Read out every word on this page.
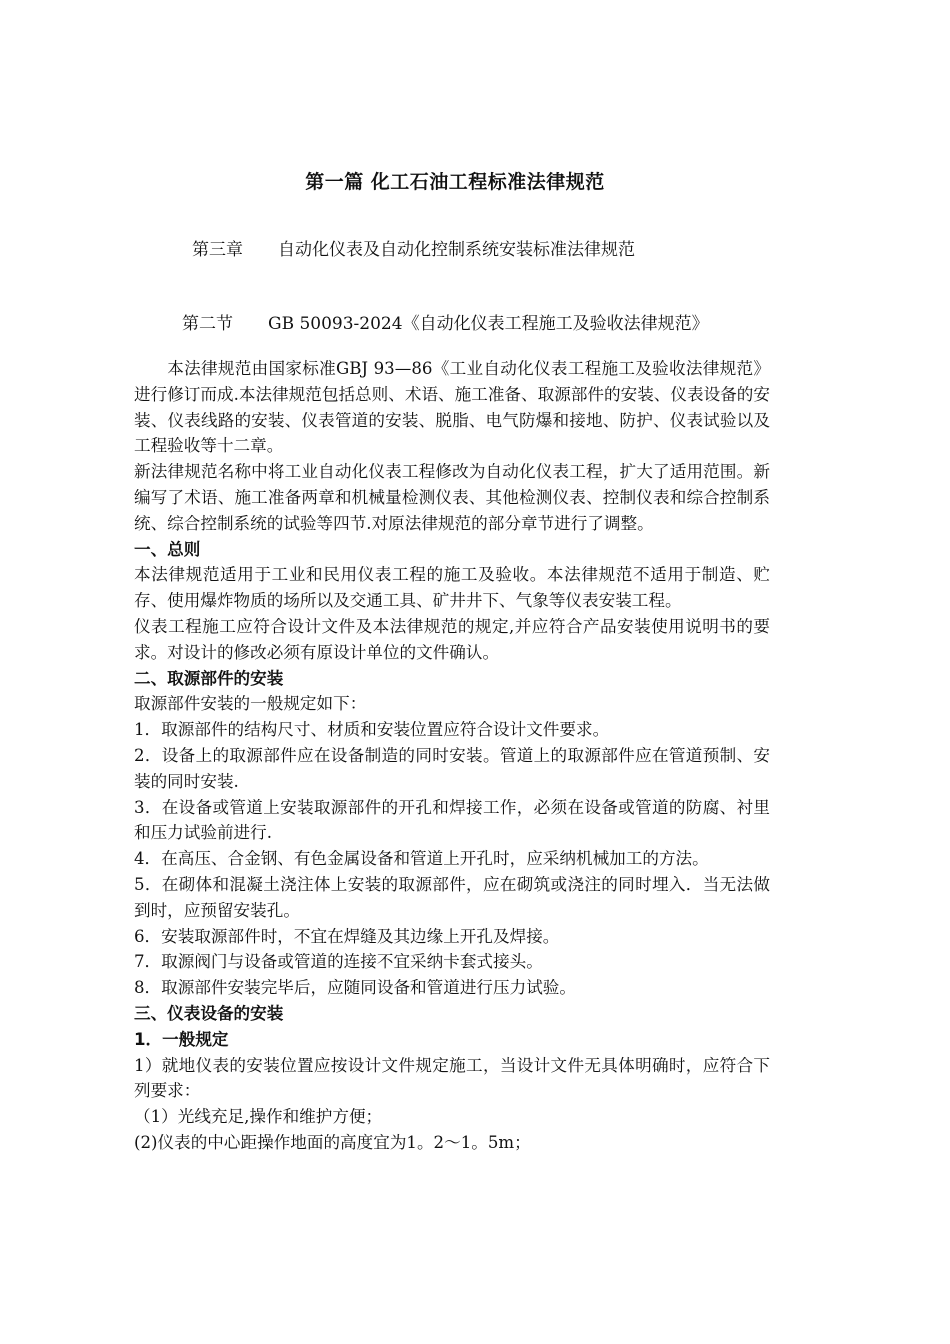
第一篇 化工石油工程标准法律规范
第三章 自动化仪表及自动化控制系统安装标准法律规范
第二节 GB 50093-2024《自动化仪表工程施工及验收法律规范》

本法律规范由国家标准GBJ 93—86《工业自动化仪表工程施工及验收法律规范》进行修订而成.本法律规范包括总则、术语、施工准备、取源部件的安装、仪表设备的安装、仪表线路的安装、仪表管道的安装、脱脂、电气防爆和接地、防护、仪表试验以及工程验收等十二章。

新法律规范名称中将工业自动化仪表工程修改为自动化仪表工程，扩大了适用范围。新编写了术语、施工准备两章和机械量检测仪表、其他检测仪表、控制仪表和综合控制系统、综合控制系统的试验等四节.对原法律规范的部分章节进行了调整。

一、总则

本法律规范适用于工业和民用仪表工程的施工及验收。本法律规范不适用于制造、贮存、使用爆炸物质的场所以及交通工具、矿井井下、气象等仪表安装工程。

仪表工程施工应符合设计文件及本法律规范的规定,并应符合产品安装使用说明书的要求。对设计的修改必须有原设计单位的文件确认。

二、取源部件的安装

取源部件安装的一般规定如下：

1．取源部件的结构尺寸、材质和安装位置应符合设计文件要求。

2．设备上的取源部件应在设备制造的同时安装。管道上的取源部件应在管道预制、安装的同时安装.

3．在设备或管道上安装取源部件的开孔和焊接工作，必须在设备或管道的防腐、衬里和压力试验前进行.

4．在高压、合金钢、有色金属设备和管道上开孔时，应采纳机械加工的方法。

5．在砌体和混凝土浇注体上安装的取源部件，应在砌筑或浇注的同时埋入．当无法做到时，应预留安装孔。

6．安装取源部件时，不宜在焊缝及其边缘上开孔及焊接。

7．取源阀门与设备或管道的连接不宜采纳卡套式接头。

8．取源部件安装完毕后，应随同设备和管道进行压力试验。

三、仪表设备的安装

1．一般规定

1）就地仪表的安装位置应按设计文件规定施工，当设计文件无具体明确时，应符合下列要求：

（1）光线充足,操作和维护方便；

(2)仪表的中心距操作地面的高度宜为1。2～1。5m；
